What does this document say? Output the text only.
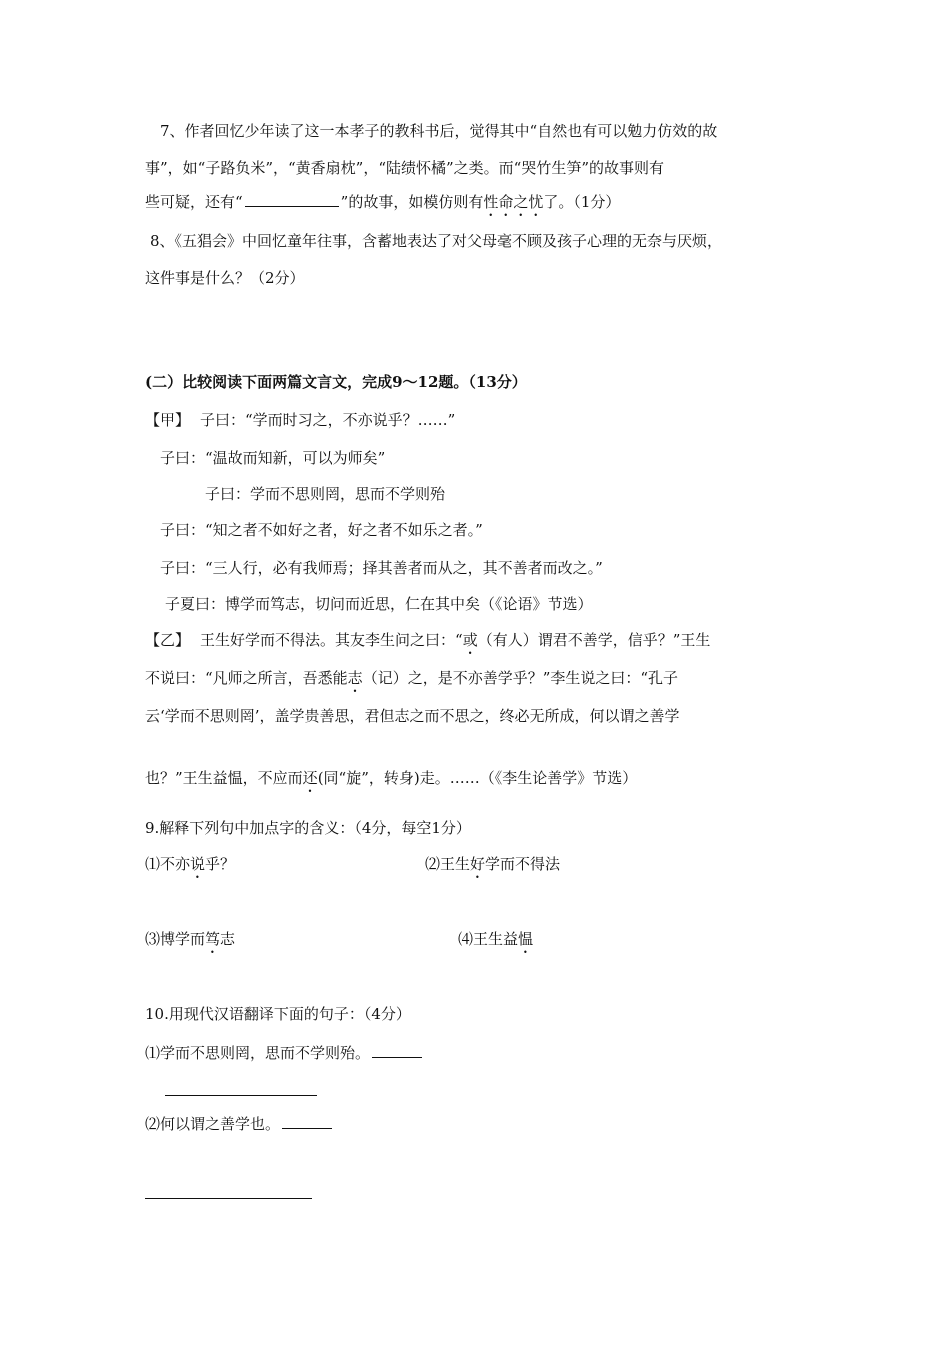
7、作者回忆少年读了这一本孝子的教科书后，觉得其中“自然也有可以勉力仿效的故
事”，如“子路负米”，“黄香扇枕”，“陆绩怀橘”之类。而“哭竹生笋”的故事则有
些可疑，还有“	”的故事，如模仿则有性命之忧了。（1分）
8、《五猖会》中回忆童年往事，含蓄地表达了对父母毫不顾及孩子心理的无奈与厌烦，
这件事是什么？（2分）
(二）比较阅读下面两篇文言文，完成9～12题。（13分）
【甲】 子曰：“学而时习之，不亦说乎？……”
子曰：“温故而知新，可以为师矣”
子曰：学而不思则罔，思而不学则殆
子曰：“知之者不如好之者，好之者不如乐之者。”
子曰：“三人行，必有我师焉；择其善者而从之，其不善者而改之。”
子夏曰：博学而笃志，切问而近思，仁在其中矣（《论语》节选）
【乙】 王生好学而不得法。其友李生问之曰：“或（有人）谓君不善学，信乎？”王生
不说曰：“凡师之所言，吾悉能志（记）之，是不亦善学乎？”李生说之曰：“孔子
云‘学而不思则罔’，盖学贵善思，君但志之而不思之，终必无所成，何以谓之善学
也？”王生益愠，不应而还(同“旋”，转身)走。……（《李生论善学》节选）
9.解释下列句中加点字的含义：（4分，每空1分）
⑴不亦说乎？	⑵王生好学而不得法
⑶博学而笃志	⑷王生益愠
10.用现代汉语翻译下面的句子：（4分）
⑴学而不思则罔，思而不学则殆。
⑵何以谓之善学也。
